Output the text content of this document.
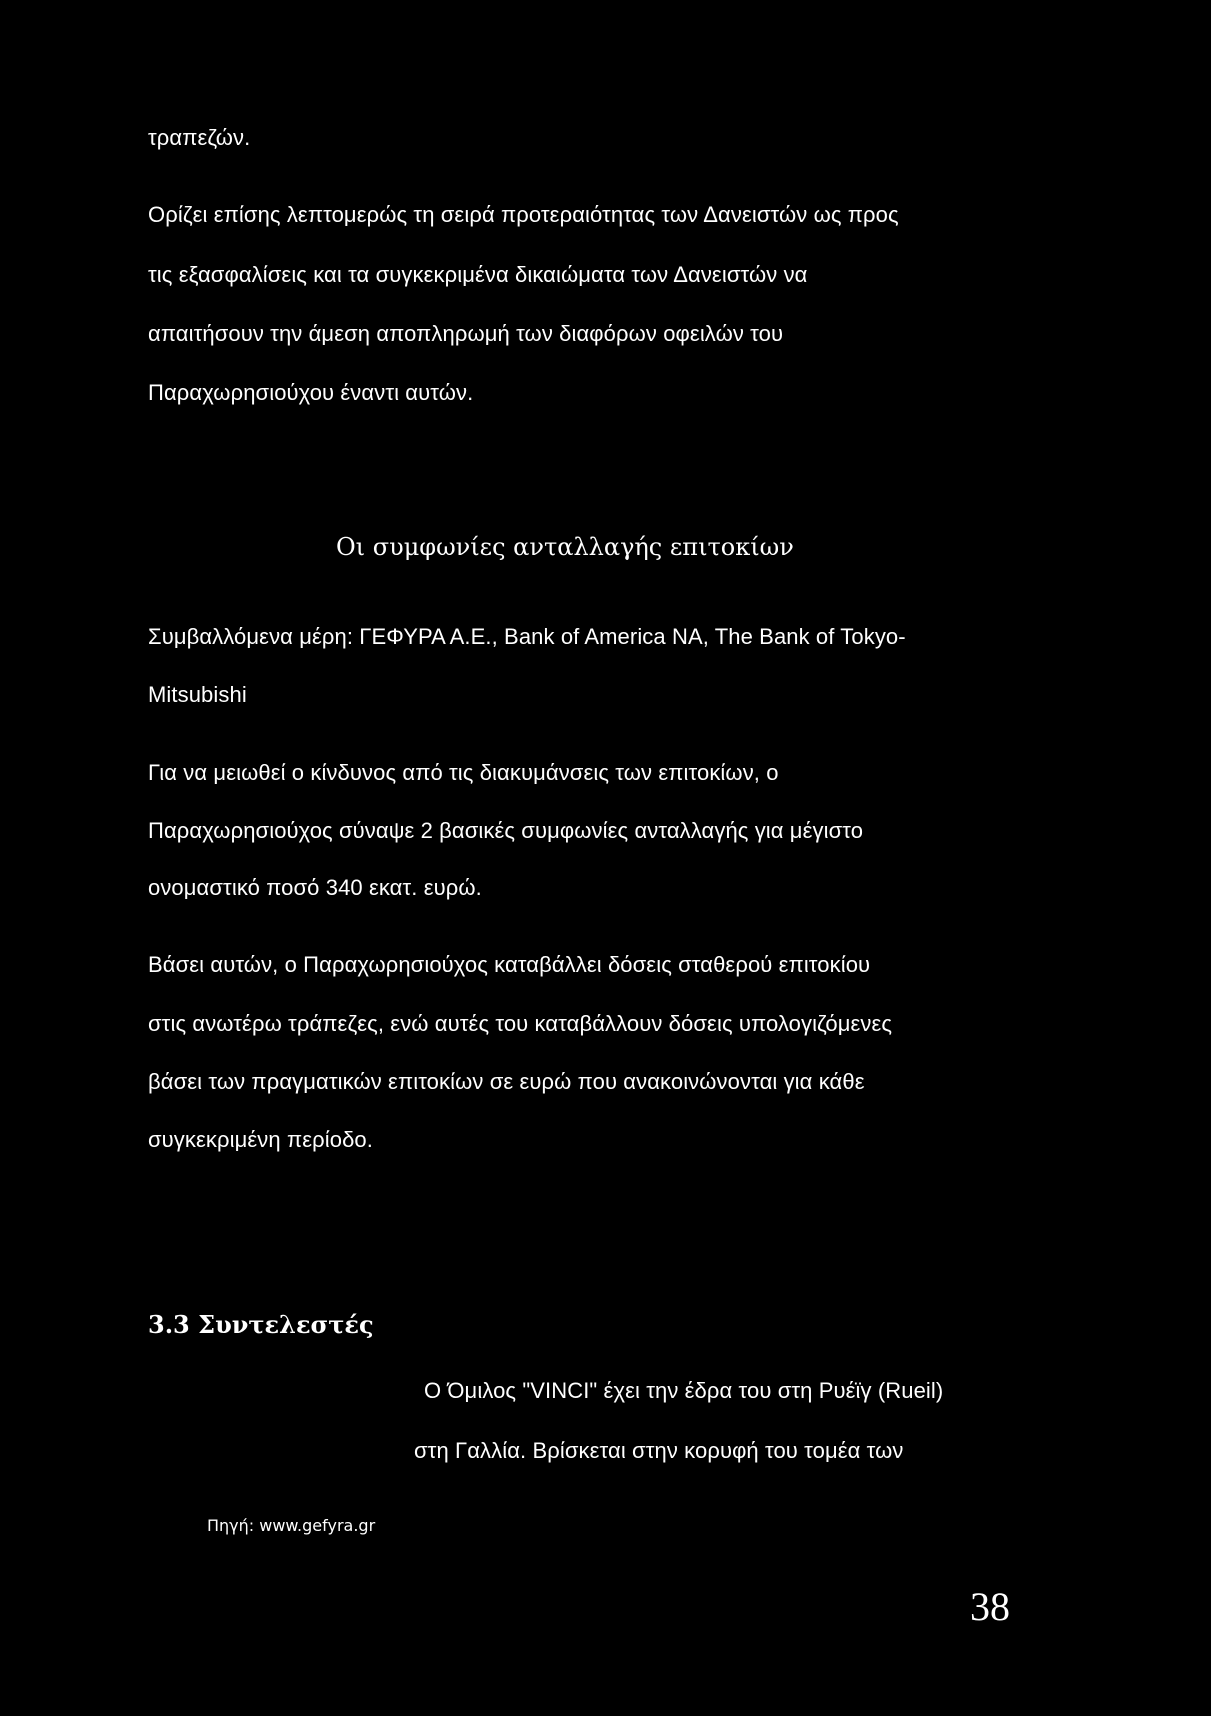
τραπεζών.
Ορίζει επίσης λεπτομερώς τη σειρά προτεραιότητας των Δανειστών ως προς
τις εξασφαλίσεις και τα συγκεκριμένα δικαιώματα των Δανειστών να
απαιτήσουν την άμεση αποπληρωμή των διαφόρων οφειλών του
Παραχωρησιούχου έναντι αυτών.
Οι συμφωνίες ανταλλαγής επιτοκίων
Συμβαλλόμενα μέρη: ΓΕΦΥΡΑ Α.Ε., Bank of America NA, The Bank of Tokyo-
Mitsubishi
Για να μειωθεί ο κίνδυνος από τις διακυμάνσεις των επιτοκίων, ο
Παραχωρησιούχος σύναψε 2 βασικές συμφωνίες ανταλλαγής για μέγιστο
ονομαστικό ποσό 340 εκατ. ευρώ.
Βάσει αυτών, ο Παραχωρησιούχος καταβάλλει δόσεις σταθερού επιτοκίου
στις ανωτέρω τράπεζες, ενώ αυτές του καταβάλλουν δόσεις υπολογιζόμενες
βάσει των πραγματικών επιτοκίων σε ευρώ που ανακοινώνονται για κάθε
συγκεκριμένη περίοδο.
3.3 Συντελεστές
Ο Όμιλος "VINCI" έχει την έδρα του στη Ρυέϊγ (Rueil)
στη Γαλλία. Βρίσκεται στην κορυφή του τομέα των
Πηγή: www.gefyra.gr
38
